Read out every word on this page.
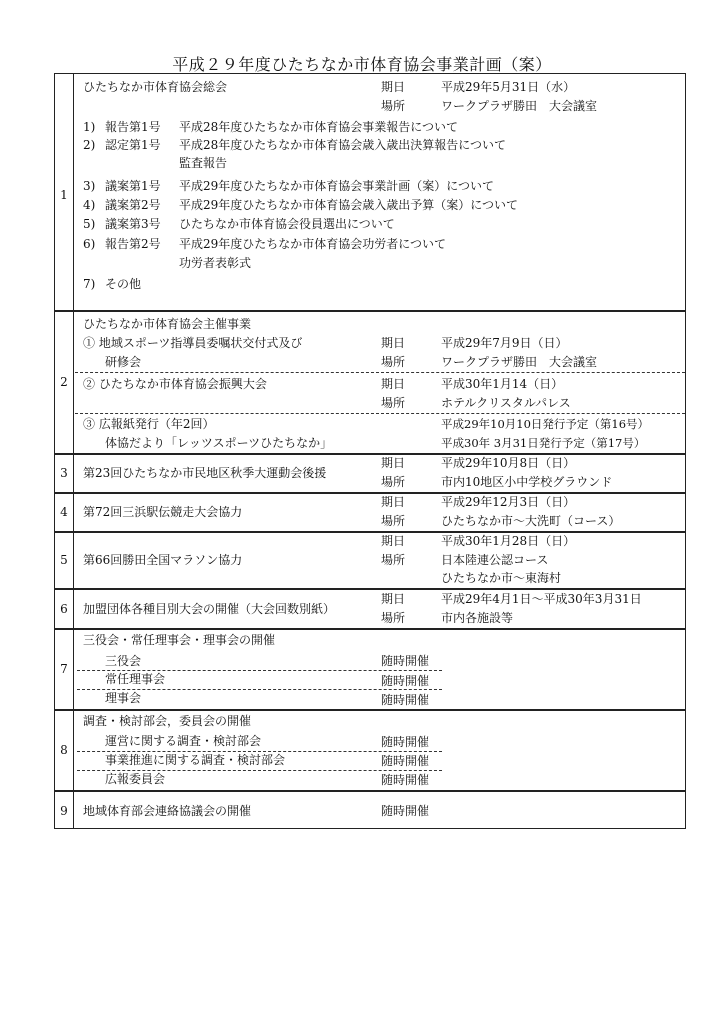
平成２９年度ひたちなか市体育協会事業計画（案）
1
ひたちなか市体育協会総会	期日	平成29年5月31日（水）
場所	ワークプラザ勝田　大会議室
1) 報告第1号 平成28年度ひたちなか市体育協会事業報告について
2) 認定第1号 平成28年度ひたちなか市体育協会歳入歳出決算報告について
監査報告
3) 議案第1号 平成29年度ひたちなか市体育協会事業計画（案）について
4) 議案第2号 平成29年度ひたちなか市体育協会歳入歳出予算（案）について
5) 議案第3号 ひたちなか市体育協会役員選出について
6) 報告第2号 平成29年度ひたちなか市体育協会功労者について
功労者表彰式
7) その他
2
ひたちなか市体育協会主催事業
① 地域スポーツ指導員委嘱状交付式及び
研修会
期日	平成29年7月9日（日）
場所	ワークプラザ勝田　大会議室
② ひたちなか市体育協会振興大会	期日	平成30年1月14（日）
場所	ホテルクリスタルパレス
③ 広報紙発行（年2回）
体協だより「レッツスポーツひたちなか」
平成29年10月10日発行予定（第16号）
平成30年 3月31日発行予定（第17号）
3	第23回ひたちなか市民地区秋季大運動会後援
期日	平成29年10月8日（日）
場所	市内10地区小中学校グラウンド
4	第72回三浜駅伝競走大会協力
期日	平成29年12月3日（日）
場所	ひたちなか市～大洗町（コース）
5	第66回勝田全国マラソン協力
期日	平成30年1月28日（日）
場所	日本陸連公認コース
ひたちなか市～東海村
6	加盟団体各種目別大会の開催（大会回数別紙）
期日	平成29年4月1日～平成30年3月31日
場所	市内各施設等
7
三役会・常任理事会・理事会の開催
三役会	随時開催
常任理事会	随時開催
理事会	随時開催
8
調査・検討部会，委員会の開催
運営に関する調査・検討部会	随時開催
事業推進に関する調査・検討部会	随時開催
広報委員会	随時開催
9	地域体育部会連絡協議会の開催	随時開催
